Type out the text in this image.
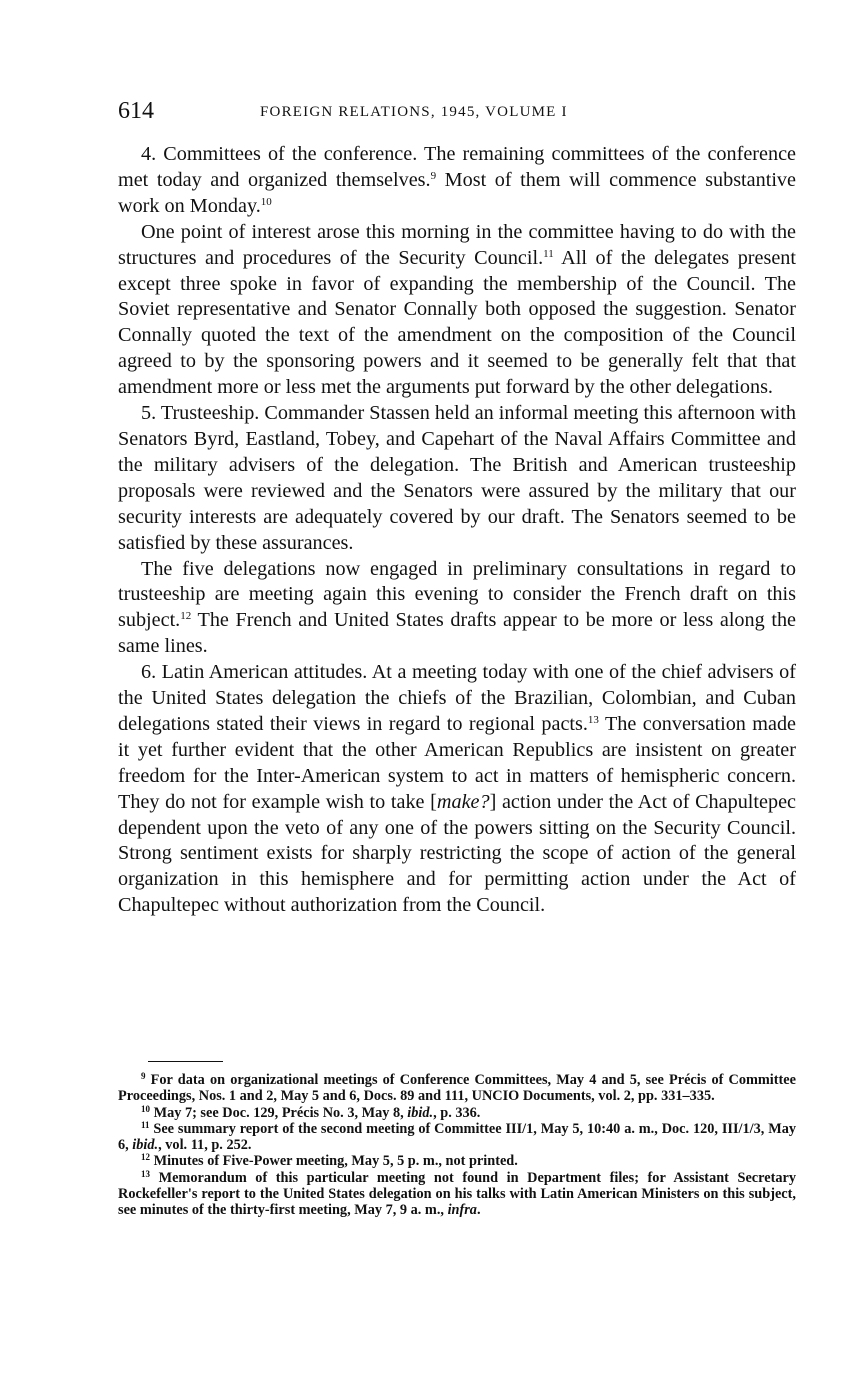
614	FOREIGN RELATIONS, 1945, VOLUME I

4. Committees of the conference. The remaining committees of the conference met today and organized themselves.$^9$ Most of them will commence substantive work on Monday.$^{10}$

One point of interest arose this morning in the committee having to do with the structures and procedures of the Security Council.$^{11}$ All of the delegates present except three spoke in favor of expanding the membership of the Council. The Soviet representative and Senator Connally both opposed the suggestion. Senator Connally quoted the text of the amendment on the composition of the Council agreed to by the sponsoring powers and it seemed to be generally felt that that amendment more or less met the arguments put forward by the other delegations.

5. Trusteeship. Commander Stassen held an informal meeting this afternoon with Senators Byrd, Eastland, Tobey, and Capehart of the Naval Affairs Committee and the military advisers of the delegation. The British and American trusteeship proposals were reviewed and the Senators were assured by the military that our security interests are adequately covered by our draft. The Senators seemed to be satisfied by these assurances.

The five delegations now engaged in preliminary consultations in regard to trusteeship are meeting again this evening to consider the French draft on this subject.$^{12}$ The French and United States drafts appear to be more or less along the same lines.

6. Latin American attitudes. At a meeting today with one of the chief advisers of the United States delegation the chiefs of the Brazilian, Colombian, and Cuban delegations stated their views in regard to regional pacts.$^{13}$ The conversation made it yet further evident that the other American Republics are insistent on greater freedom for the Inter-American system to act in matters of hemispheric concern. They do not for example wish to take [make?] action under the Act of Chapultepec dependent upon the veto of any one of the powers sitting on the Security Council. Strong sentiment exists for sharply restricting the scope of action of the general organization in this hemisphere and for permitting action under the Act of Chapultepec without authorization from the Council.

$^9$ For data on organizational meetings of Conference Committees, May 4 and 5, see Précis of Committee Proceedings, Nos. 1 and 2, May 5 and 6, Docs. 89 and 111, UNCIO Documents, vol. 2, pp. 331–335.

$^{10}$ May 7; see Doc. 129, Précis No. 3, May 8, ibid., p. 336.

$^{11}$ See summary report of the second meeting of Committee III/1, May 5, 10:40 a. m., Doc. 120, III/1/3, May 6, ibid., vol. 11, p. 252.

$^{12}$ Minutes of Five-Power meeting, May 5, 5 p. m., not printed.

$^{13}$ Memorandum of this particular meeting not found in Department files; for Assistant Secretary Rockefeller's report to the United States delegation on his talks with Latin American Ministers on this subject, see minutes of the thirty-first meeting, May 7, 9 a. m., infra.
